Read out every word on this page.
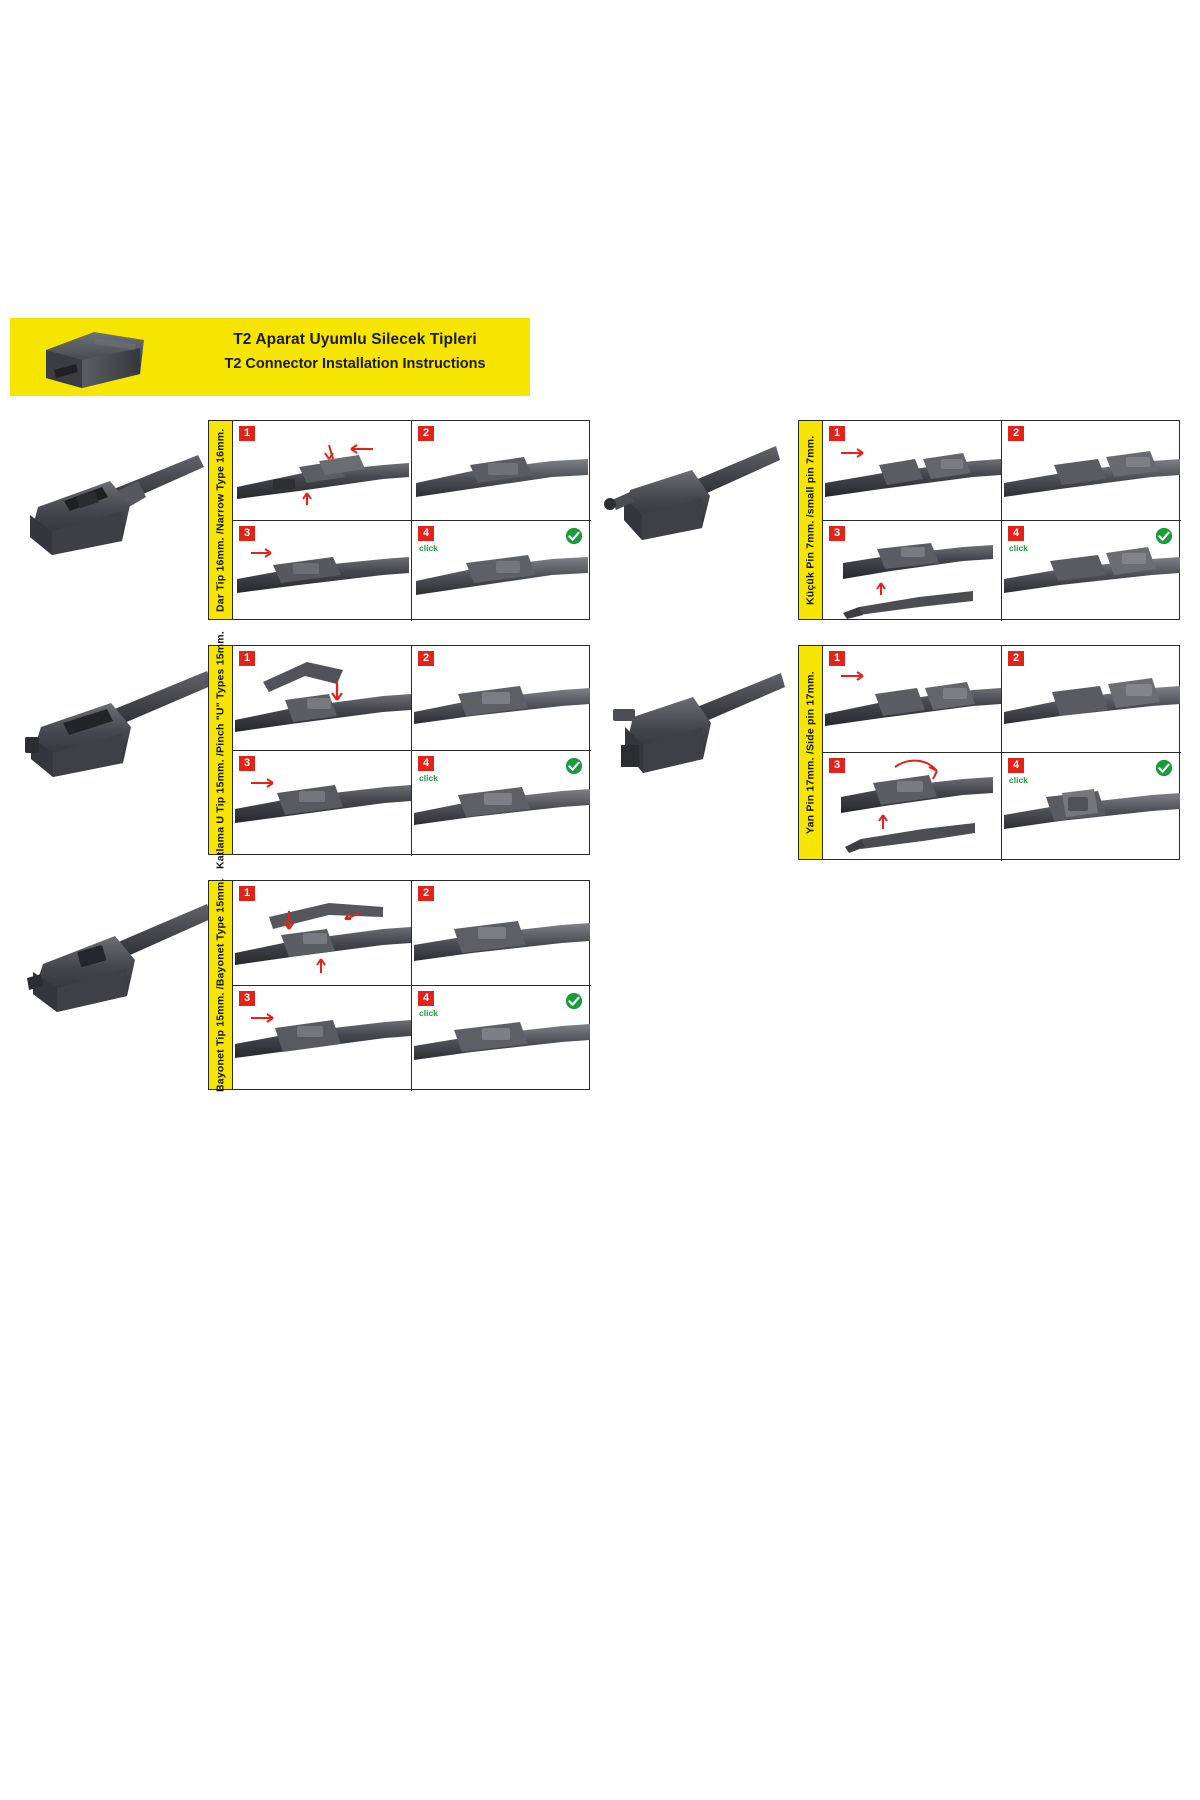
T2 Aparat Uyumlu Silecek Tipleri
T2 Connector Installation Instructions
Dar Tip 16mm. /Narrow Type 16mm.	1	2
3	4
click	Küçük Pin 7mm. /small pin 7mm.
1	2
3	4
click
Katlama U Tip 15mm. /Pinch "U" Types 15mm.	1	2
3	4
click	Yan Pin 17mm. /Side pin 17mm.
1	2
3	4
click
Bayonet Tip 15mm. /Bayonet Type 15mm.	1	2
3	4
click
